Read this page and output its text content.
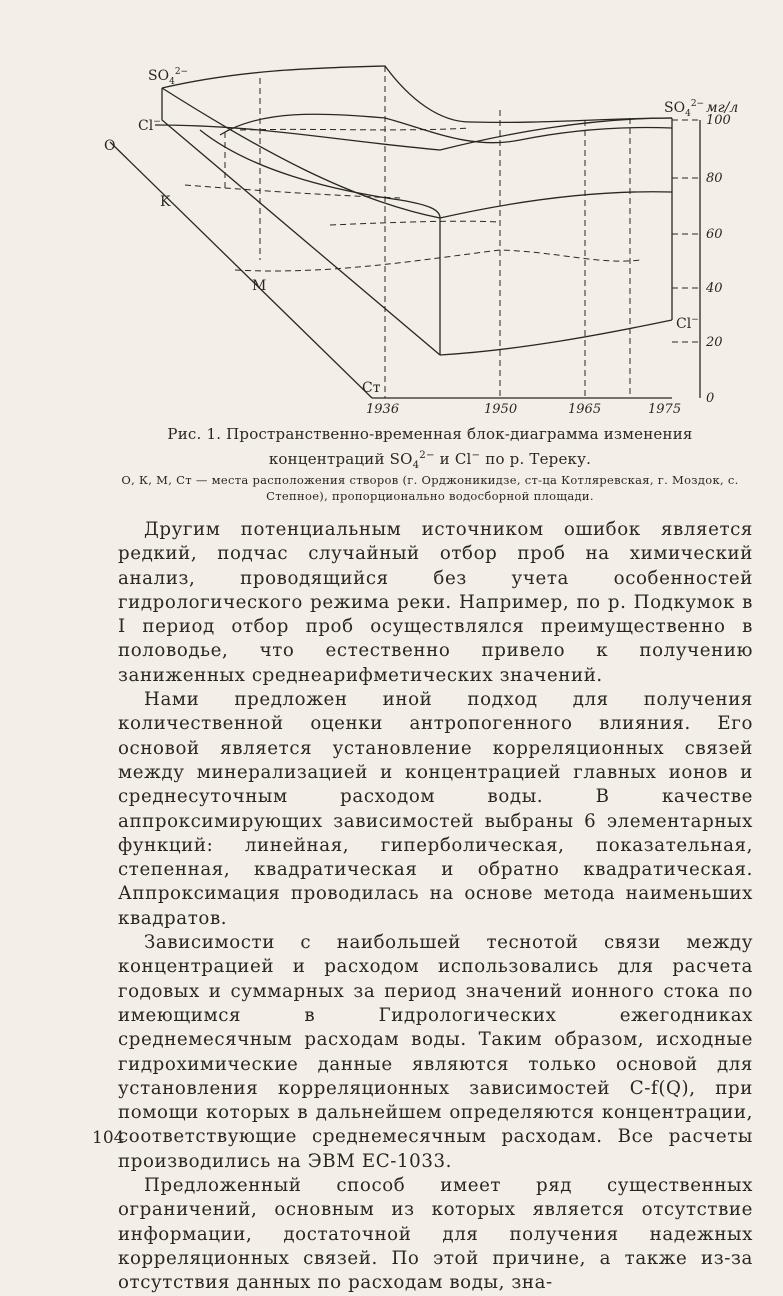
$SO_4^{2-}$
$SO_4^{2-}$ мг/л
Cl−
Cl−
O
K
M
Ст
100
80
60
40
20
0
1936	1950	1965	1975
Рис. 1. Пространственно-временная блок-диаграмма изменения концентраций $SO_4^{2-}$ и Cl− по р. Тереку.
О, К, М, Ст — места расположения створов (г. Орджоникидзе, ст-ца Котляревская, г. Моздок, с. Степное), пропорционально водосборной площади.

Другим потенциальным источником ошибок является редкий, подчас случайный отбор проб на химический анализ, проводящийся без учета особенностей гидрологического режима реки. Например, по р. Подкумок в I период отбор проб осуществлялся преимущественно в половодье, что естественно привело к получению заниженных среднеарифметических значений.

Нами предложен иной подход для получения количественной оценки антропогенного влияния. Его основой является установление корреляционных связей между минерализацией и концентрацией главных ионов и среднесуточным расходом воды. В качестве аппроксимирующих зависимостей выбраны 6 элементарных функций: линейная, гиперболическая, показательная, степенная, квадратическая и обратно квадратическая. Аппроксимация проводилась на основе метода наименьших квадратов.

Зависимости с наибольшей теснотой связи между концентрацией и расходом использовались для расчета годовых и суммарных за период значений ионного стока по имеющимся в Гидрологических ежегодниках среднемесячным расходам воды. Таким образом, исходные гидрохимические данные являются только основой для установления корреляционных зависимостей C-f(Q), при помощи которых в дальнейшем определяются концентрации, соответствующие среднемесячным расходам. Все расчеты производились на ЭВМ ЕС-1033.

Предложенный способ имеет ряд существенных ограничений, основным из которых является отсутствие информации, достаточной для получения надежных корреляционных связей. По этой причине, а также из-за отсутствия данных по расходам воды, зна-

104
